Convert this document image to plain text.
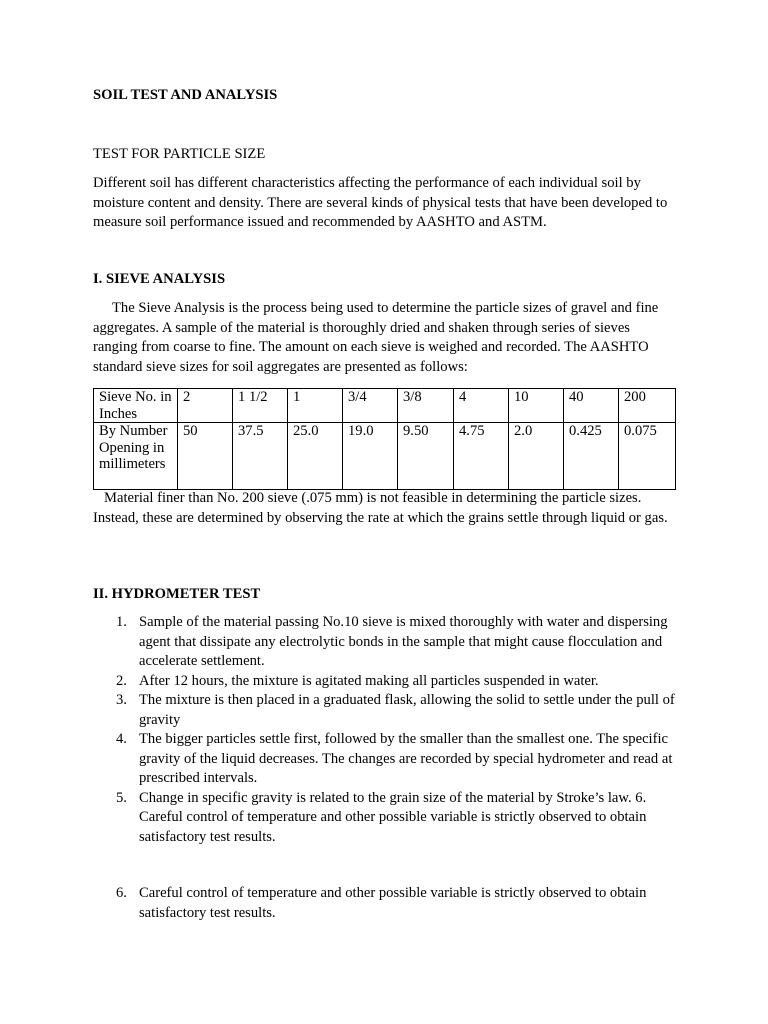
SOIL TEST AND ANALYSIS

TEST FOR PARTICLE SIZE

Different soil has different characteristics affecting the performance of each individual soil by moisture content and density. There are several kinds of physical tests that have been developed to measure soil performance issued and recommended by AASHTO and ASTM.

I. SIEVE ANALYSIS

The Sieve Analysis is the process being used to determine the particle sizes of gravel and fine aggregates. A sample of the material is thoroughly dried and shaken through series of sieves ranging from coarse to fine. The amount on each sieve is weighed and recorded. The AASHTO standard sieve sizes for soil aggregates are presented as follows:

Sieve No. in Inches	2	1 1/2	1	3/4	3/8	4	10	40	200
By Number Opening in millimeters	50	37.5	25.0	19.0	9.50	4.75	2.0	0.425	0.075

Material finer than No. 200 sieve (.075 mm) is not feasible in determining the particle sizes. Instead, these are determined by observing the rate at which the grains settle through liquid or gas.

II. HYDROMETER TEST

1. Sample of the material passing No.10 sieve is mixed thoroughly with water and dispersing agent that dissipate any electrolytic bonds in the sample that might cause flocculation and accelerate settlement.
2. After 12 hours, the mixture is agitated making all particles suspended in water.
3. The mixture is then placed in a graduated flask, allowing the solid to settle under the pull of gravity
4. The bigger particles settle first, followed by the smaller than the smallest one. The specific gravity of the liquid decreases. The changes are recorded by special hydrometer and read at prescribed intervals.
5. Change in specific gravity is related to the grain size of the material by Stroke’s law. 6. Careful control of temperature and other possible variable is strictly observed to obtain satisfactory test results.
6. Careful control of temperature and other possible variable is strictly observed to obtain satisfactory test results.
